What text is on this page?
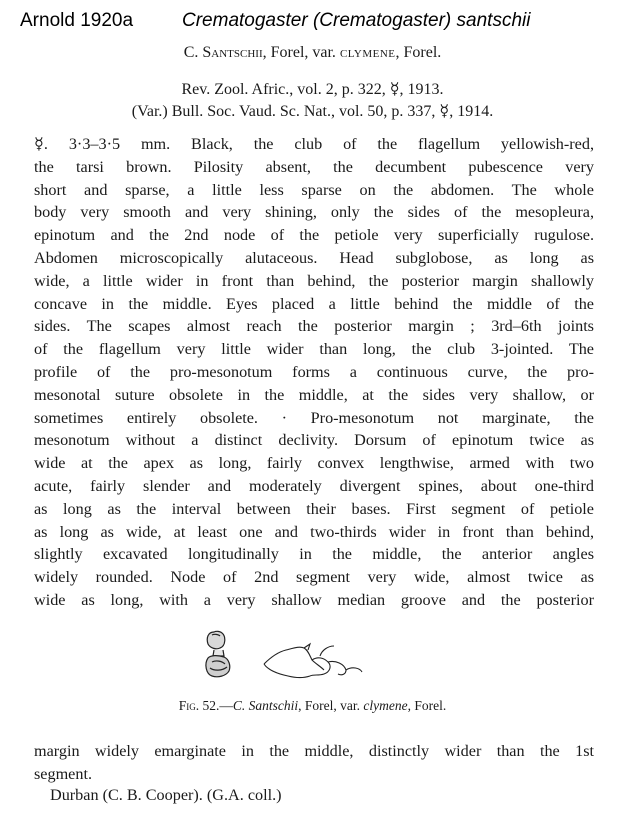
Arnold 1920a	Crematogaster (Crematogaster) santschii
C. Santschii, Forel, var. clymene, Forel.
Rev. Zool. Afric., vol. 2, p. 322, ☿, 1913.
(Var.) Bull. Soc. Vaud. Sc. Nat., vol. 50, p. 337, ☿, 1914.
☿. 3·3–3·5 mm. Black, the club of the flagellum yellowish-red,
the tarsi brown. Pilosity absent, the decumbent pubescence very
short and sparse, a little less sparse on the abdomen. The whole
body very smooth and very shining, only the sides of the mesopleura,
epinotum and the 2nd node of the petiole very superficially rugulose.
Abdomen microscopically alutaceous. Head subglobose, as long as
wide, a little wider in front than behind, the posterior margin shallowly
concave in the middle. Eyes placed a little behind the middle of the
sides. The scapes almost reach the posterior margin ; 3rd–6th joints
of the flagellum very little wider than long, the club 3-jointed. The
profile of the pro-mesonotum forms a continuous curve, the pro-
mesonotal suture obsolete in the middle, at the sides very shallow, or
sometimes entirely obsolete. · Pro-mesonotum not marginate, the
mesonotum without a distinct declivity. Dorsum of epinotum twice as
wide at the apex as long, fairly convex lengthwise, armed with two
acute, fairly slender and moderately divergent spines, about one-third
as long as the interval between their bases. First segment of petiole
as long as wide, at least one and two-thirds wider in front than behind,
slightly excavated longitudinally in the middle, the anterior angles
widely rounded. Node of 2nd segment very wide, almost twice as
wide as long, with a very shallow median groove and the posterior
Fig. 52.—C. Santschii, Forel, var. clymene, Forel.
margin widely emarginate in the middle, distinctly wider than the 1st
segment.
Durban (C. B. Cooper). (G.A. coll.)
